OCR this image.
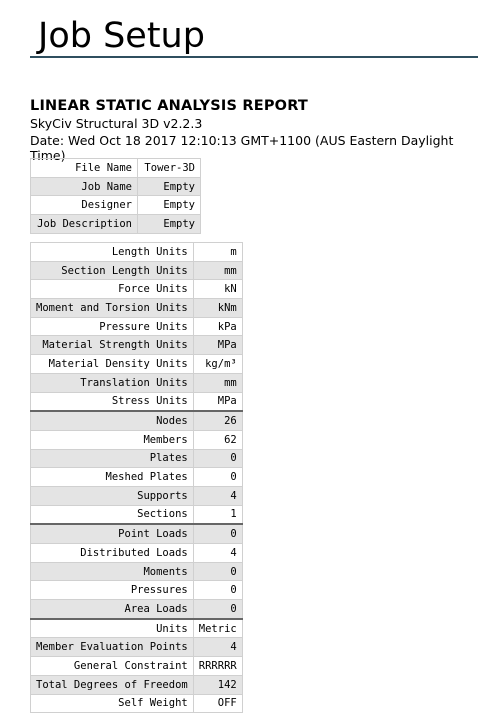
Job Setup
LINEAR STATIC ANALYSIS REPORT
SkyCiv Structural 3D v2.2.3
Date: Wed Oct 18 2017 12:10:13 GMT+1100 (AUS Eastern Daylight Time)
File Name	Tower-3D
Job Name	Empty
Designer	Empty
Job Description	Empty
Length Units	m
Section Length Units	mm
Force Units	kN
Moment and Torsion Units	kNm
Pressure Units	kPa
Material Strength Units	MPa
Material Density Units	kg/m³
Translation Units	mm
Stress Units	MPa
Nodes	26
Members	62
Plates	0
Meshed Plates	0
Supports	4
Sections	1
Point Loads	0
Distributed Loads	4
Moments	0
Pressures	0
Area Loads	0
Units	Metric
Member Evaluation Points	4
General Constraint	RRRRRR
Total Degrees of Freedom	142
Self Weight	OFF
